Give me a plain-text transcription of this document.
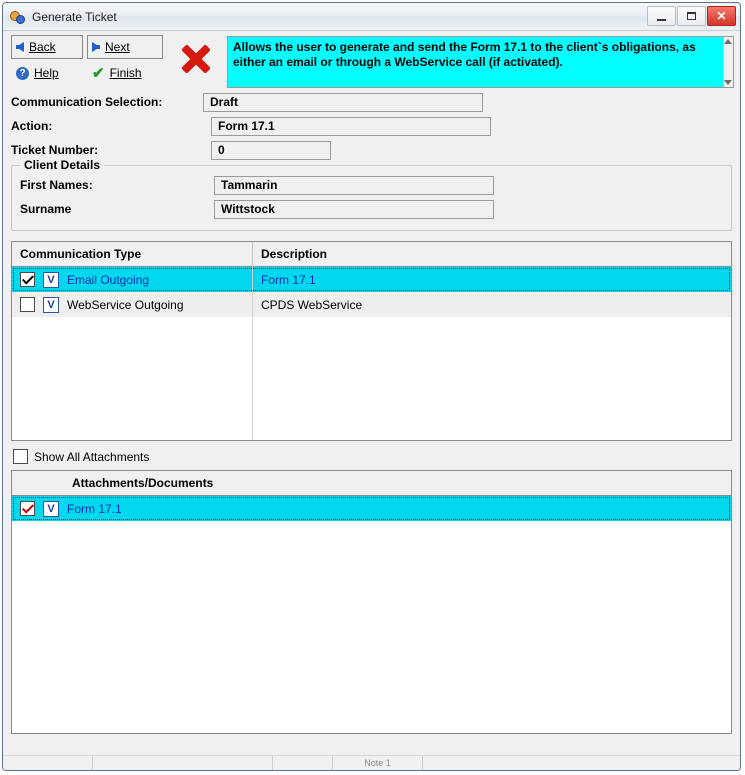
Generate Ticket	✕
Back	Next
? Help ✔ Finish
Allows the user to generate and send the Form 17.1 to the client`s obligations, as either an email or through a WebService call (if activated).
Communication Selection:	Draft
Action:	Form 17.1
Ticket Number:	0
Client Details
First Names:	Tammarin
Surname	Wittstock
Communication Type	Description
V	Email Outgoing	Form 17.1
V	WebService Outgoing	CPDS WebService
Show All Attachments
Attachments/Documents
V	Form 17.1
Note 1
